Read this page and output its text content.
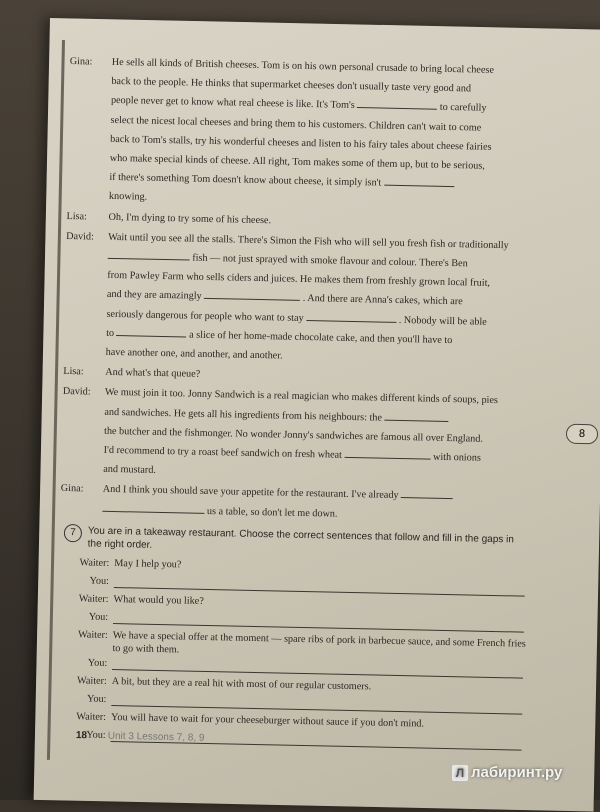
Gina:	He sells all kinds of British cheeses. Tom is on his own personal crusade to bring local cheese
back to the people. He thinks that supermarket cheeses don't usually taste very good and
people never get to know what real cheese is like. It's Tom's	to carefully
select the nicest local cheeses and bring them to his customers. Children can't wait to come
back to Tom's stalls, try his wonderful cheeses and listen to his fairy tales about cheese fairies
who make special kinds of cheese. All right, Tom makes some of them up, but to be serious,
if there's something Tom doesn't know about cheese, it simply isn't
knowing.
Lisa:	Oh, I'm dying to try some of his cheese.
David:	Wait until you see all the stalls. There's Simon the Fish who will sell you fresh fish or traditionally
fish — not just sprayed with smoke flavour and colour. There's Ben
from Pawley Farm who sells ciders and juices. He makes them from freshly grown local fruit,
and they are amazingly	. And there are Anna's cakes, which are
seriously dangerous for people who want to stay	. Nobody will be able
to	a slice of her home-made chocolate cake, and then you'll have to
have another one, and another, and another.
Lisa:	And what's that queue?
David:	We must join it too. Jonny Sandwich is a real magician who makes different kinds of soups, pies
and sandwiches. He gets all his ingredients from his neighbours: the
the butcher and the fishmonger. No wonder Jonny's sandwiches are famous all over England.
I'd recommend to try a roast beef sandwich on fresh wheat	with onions
and mustard.
Gina:	And I think you should save your appetite for the restaurant. I've already
us a table, so don't let me down.
7	You are in a takeaway restaurant. Choose the correct sentences that follow and fill in the gaps in the right order.
Waiter: May I help you?
You:
Waiter: What would you like?
You:
Waiter: We have a special offer at the moment — spare ribs of pork in barbecue sauce, and some French fries to go with them.
You:
Waiter: A bit, but they are a real hit with most of our regular customers.
You:
Waiter: You will have to wait for your cheeseburger without sauce if you don't mind.
You:
8
18 Unit 3 Lessons 7, 8, 9
Л лабиринт.ру
